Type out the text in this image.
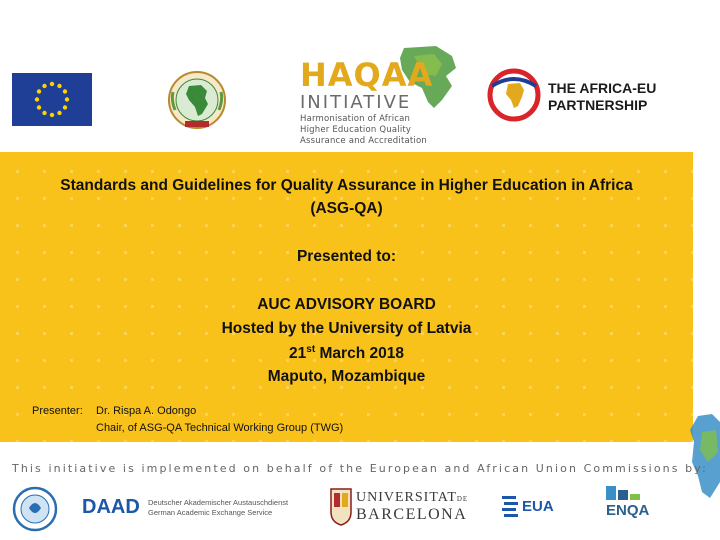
HAQAA
INITIATIVE
Harmonisation of African
Higher Education Quality
Assurance and Accreditation
THE AFRICA-EU
PARTNERSHIP
Standards and Guidelines for Quality Assurance in Higher Education in Africa
(ASG-QA)
Presented to:
AUC ADVISORY BOARD
Hosted by the University of Latvia
21st March 2018
Maputo, Mozambique
Presenter: Dr. Rispa A. Odongo
Chair, of ASG-QA Technical Working Group (TWG)
This initiative is implemented on behalf of the European and African Union Commissions by:
DAAD Deutscher Akademischer Austauschdienst
German Academic Exchange Service
UNIVERSITATDE
BARCELONA	EUA	ENQA
